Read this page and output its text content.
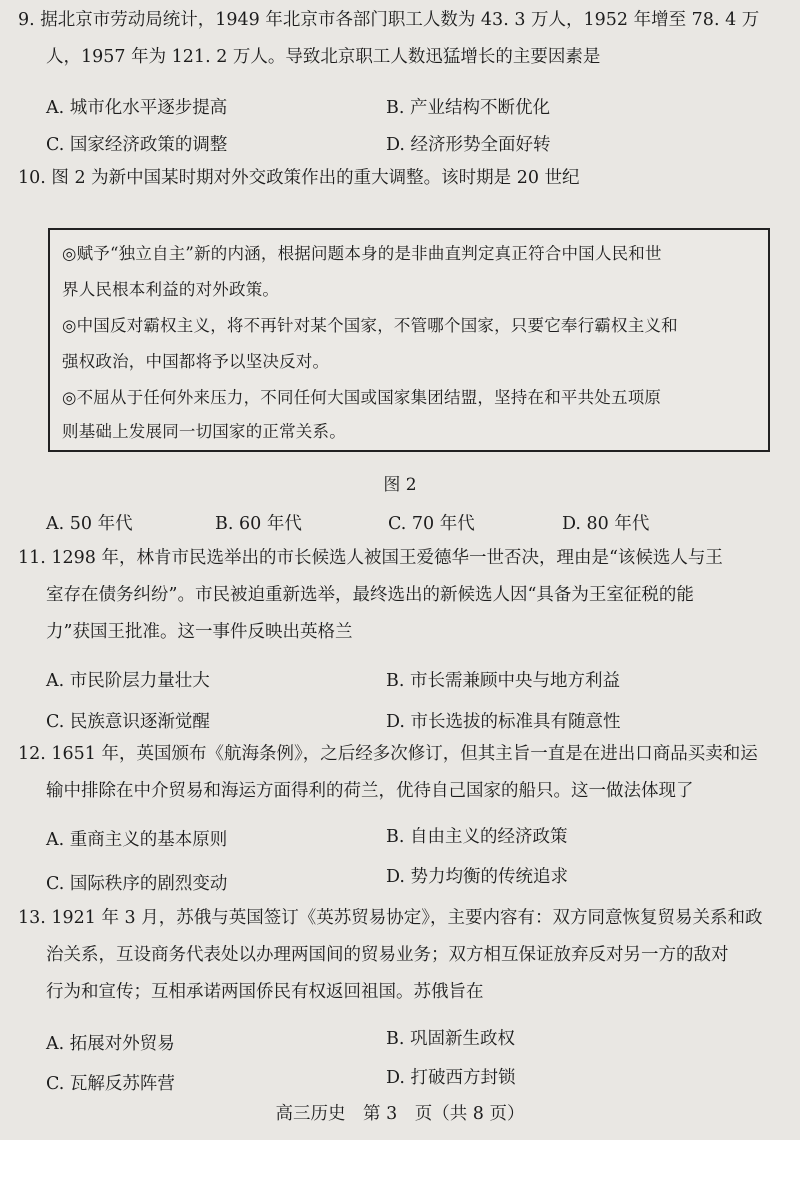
9. 据北京市劳动局统计，1949 年北京市各部门职工人数为 43. 3 万人，1952 年增至 78. 4 万
人，1957 年为 121. 2 万人。导致北京职工人数迅猛增长的主要因素是
A. 城市化水平逐步提高	B. 产业结构不断优化
C. 国家经济政策的调整	D. 经济形势全面好转
10. 图 2 为新中国某时期对外交政策作出的重大调整。该时期是 20 世纪
◎赋予“独立自主”新的内涵，根据问题本身的是非曲直判定真正符合中国人民和世
界人民根本利益的对外政策。
◎中国反对霸权主义，将不再针对某个国家，不管哪个国家，只要它奉行霸权主义和
强权政治，中国都将予以坚决反对。
◎不屈从于任何外来压力，不同任何大国或国家集团结盟，坚持在和平共处五项原
则基础上发展同一切国家的正常关系。
图 2
A. 50 年代	B. 60 年代	C. 70 年代	D. 80 年代
11. 1298 年，林肯市民选举出的市长候选人被国王爱德华一世否决，理由是“该候选人与王
室存在债务纠纷”。市民被迫重新选举，最终选出的新候选人因“具备为王室征税的能
力”获国王批准。这一事件反映出英格兰
A. 市民阶层力量壮大	B. 市长需兼顾中央与地方利益
C. 民族意识逐渐觉醒	D. 市长选拔的标准具有随意性
12. 1651 年，英国颁布《航海条例》，之后经多次修订，但其主旨一直是在进出口商品买卖和运
输中排除在中介贸易和海运方面得利的荷兰，优待自己国家的船只。这一做法体现了
A. 重商主义的基本原则	B. 自由主义的经济政策
C. 国际秩序的剧烈变动	D. 势力均衡的传统追求
13. 1921 年 3 月，苏俄与英国签订《英苏贸易协定》，主要内容有：双方同意恢复贸易关系和政
治关系，互设商务代表处以办理两国间的贸易业务；双方相互保证放弃反对另一方的敌对
行为和宣传；互相承诺两国侨民有权返回祖国。苏俄旨在
A. 拓展对外贸易	B. 巩固新生政权
C. 瓦解反苏阵营	D. 打破西方封锁
高三历史　第 3　页（共 8 页）
